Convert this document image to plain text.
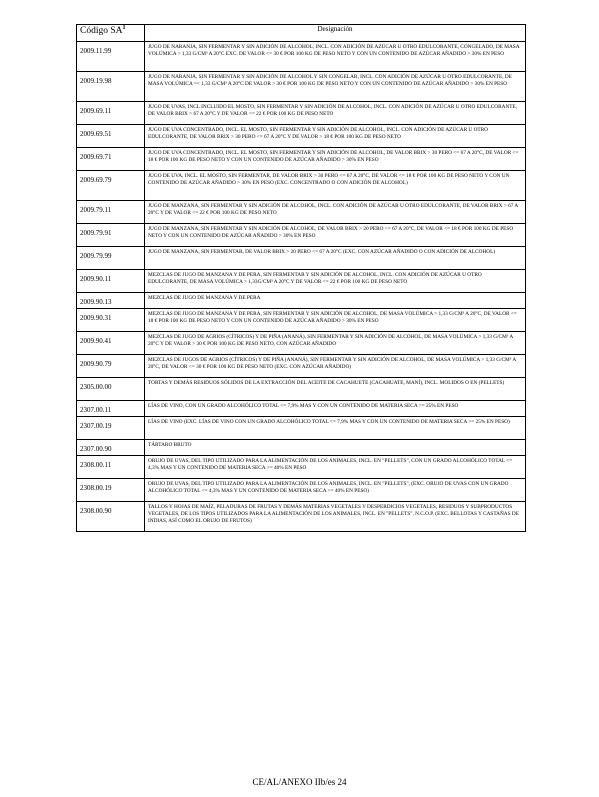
Código $SA^1$	Designación
2009.11.99	JUGO DE NARANJA, SIN FERMENTAR Y SIN ADICIÓN DE ALCOHOL, INCL. CON ADICIÓN DE AZÚCAR U OTRO EDULCORANTE, CONGELADO, DE MASA VOLÚMICA > 1,33 G/CM³ A 20°C EXC. DE VALOR <= 30 € POR 100 KG DE PESO NETO Y CON UN CONTENIDO DE AZÚCAR AÑADIDO > 30% EN PESO
2009.19.98	JUGO DE NARANJA, SIN FERMENTAR Y SIN ADICIÓN DE ALCOHOL Y SIN CONGELAR, INCL. CON ADICIÓN DE AZÚCAR U OTRO EDULCORANTE, DE MASA VOLÚMICA =< 1,33 G/CM³ A 20°C DE VALOR > 30 € POR 100 KG DE PESO NETO Y CON UN CONTENIDO DE AZÚCAR AÑADIDO > 30% EN PESO
2009.69.11	JUGO DE UVAS, INCL INCLUIDO EL MOSTO, SIN FERMENTAR Y SIN ADICIÓN DE ALCOHOL, INCL. CON ADICIÓN DE AZÚCAR U OTRO EDULCORANTE, DE VALOR BRIX > 67 A 20°C Y DE VALOR <= 22 € POR 100 KG DE PESO NETO
2009.69.51	JUGO DE UVA CONCENTRADO, INCL. EL MOSTO, SIN FERMENTAR Y SIN ADICIÓN DE ALCOHOL, INCL. CON ADICIÓN DE AZÚCAR U OTRO EDULCORANTE, DE VALOR BRIX > 30 PERO <= 67 A 20°C Y DE VALOR > 18 € POR 100 KG DE PESO NETO
2009.69.71	JUGO DE UVA CONCENTRADO, INCL. EL MOSTO, SIN FERMENTAR Y SIN ADICIÓN DE ALCOHOL, DE VALOR BRIX > 30 PERO <= 67 A 20°C, DE VALOR <= 18 € POR 100 KG DE PESO NETO Y CON UN CONTENIDO DE AZÚCAR AÑADIDO > 30% EN PESO
2009.69.79	JUGO DE UVA, INCL. EL MOSTO, SIN FERMENTAR, DE VALOR BRIX > 30 PERO <= 67 A 20°C, DE VALOR <= 18 € POR 100 KG DE PESO NETO Y CON UN CONTENIDO DE AZÚCAR AÑADIDO > 30% EN PESO (EXC. CONCENTRADO O CON ADICIÓN DE ALCOHOL)
2009.79.11	JUGO DE MANZANA, SIN FERMENTAR Y SIN ADICIÓN DE ALCOHOL, INCL. CON ADICIÓN DE AZÚCAR U OTRO EDULCORANTE, DE VALOR BRIX > 67 A 20°C Y DE VALOR <= 22 € POR 100 KG DE PESO NETO
2009.79.91	JUGO DE MANZANA, SIN FERMENTAR Y SIN ADICIÓN DE ALCOHOL, DE VALOR BRIX > 20 PERO <= 67 A 20°C, DE VALOR <= 18 € POR 100 KG DE PESO NETO Y CON UN CONTENIDO DE AZÚCAR AÑADIDO > 30% EN PESO
2009.79.99	JUGO DE MANZANA, SIN FERMENTAR, DE VALOR BRIX > 20 PERO <= 67 A 20°C (EXC. CON AZÚCAR AÑADIDO O CON ADICIÓN DE ALCOHOL)
2009.90.11	MEZCLAS DE JUGO DE MANZANA Y DE PERA, SIN FERMENTAR Y SIN ADICIÓN DE ALCOHOL, INCL. CON ADICIÓN DE AZÚCAR U OTRO EDULCORANTE, DE MASA VOLÚMICA > 1,33G/CM³ A 20°C Y DE VALOR <= 22 € POR 100 KG DE PESO NETO
2009.90.13	MEZCLAS DE JUGO DE MANZANA Y DE PERA
2009.90.31	MEZCLAS DE JUGO DE MANZANA Y DE PERA, SIN FERMENTAR Y SIN ADICIÓN DE ALCOHOL, DE MASA VOLÚMICA > 1,33 G/CM³ A 20°C, DE VALOR <= 18 € POR 100 KG DE PESO NETO Y CON UN CONTENIDO DE AZÚCAR AÑADIDO > 30% EN PESO
2009.90.41	MEZCLAS DE JUGO DE AGRIOS (CÍTRICOS) Y DE PIÑA (ANANÁ), SIN FERMENTAR Y SIN ADICIÓN DE ALCOHOL, DE MASA VOLÚMICA > 1,33 G/CM³ A 20°C Y DE VALOR > 30 € POR 100 KG DE PESO NETO, CON AZÚCAR AÑADIDO
2009.90.79	MEZCLAS DE JUGOS DE AGRIOS (CÍTRICOS) Y DE PIÑA (ANANÁ), SIN FERMENTAR Y SIN ADICIÓN DE ALCOHOL, DE MASA VOLÚMICA > 1,33 G/CM³ A 20°C, DE VALOR <= 30 € POR 100 KG DE PESO NETO (EXC. CON AZÚCAR AÑADIDO)
2305.00.00	TORTAS Y DEMÁS RESIDUOS SÓLIDOS DE LA EXTRACCIÓN DEL ACEITE DE CACAHUETE (CACAHUATE, MANÍ), INCL. MOLIDOS O EN (PELLETS)
2307.00.11	LÍAS DE VINO, CON UN GRADO ALCOHÓLICO TOTAL <= 7,9% MAS Y CON UN CONTENIDO DE MATERIA SECA >= 25% EN PESO
2307.00.19	LÍAS DE VINO (EXC. LÍAS DE VINO CON UN GRADO ALCOHÓLICO TOTAL <= 7,9% MAS Y CON UN CONTENIDO DE MATERIA SECA >= 25% EN PESO)
2307.00.90	TÁRTARO BRUTO
2308.00.11	ORUJO DE UVAS, DEL TIPO UTILIZADO PARA LA ALIMENTACIÓN DE LOS ANIMALES, INCL. EN "PELLETS", CON UN GRADO ALCOHÓLICO TOTAL <= 4,3% MAS Y UN CONTENIDO DE MATERIA SECA >= 40% EN PESO
2308.00.19	ORUJO DE UVAS, DEL TIPO UTILIZADO PARA LA ALIMENTACIÓN DE LOS ANIMALES, INCL. EN "PELLETS", (EXC. ORUJO DE UVAS CON UN GRADO ALCOHÓLICO TOTAL <= 4,3% MAS Y UN CONTENIDO DE MATERIA SECA >= 40% EN PESO)
2308.00.90	TALLOS Y HOJAS DE MAÍZ, PELADURAS DE FRUTAS Y DEMÁS MATERIAS VEGETALES Y DESPERDICIOS VEGETALES, RESIDUOS Y SUBPRODUCTOS VEGETALES, DE LOS TIPOS UTILIZADOS PARA LA ALIMENTACIÓN DE LOS ANIMALES, INCL. EN "PELLETS", N.C.O.P. (EXC. BELLOTAS Y CASTAÑAS DE INDIAS, ASÍ COMO EL ORUJO DE FRUTOS)
CE/AL/ANEXO IIb/es 24
